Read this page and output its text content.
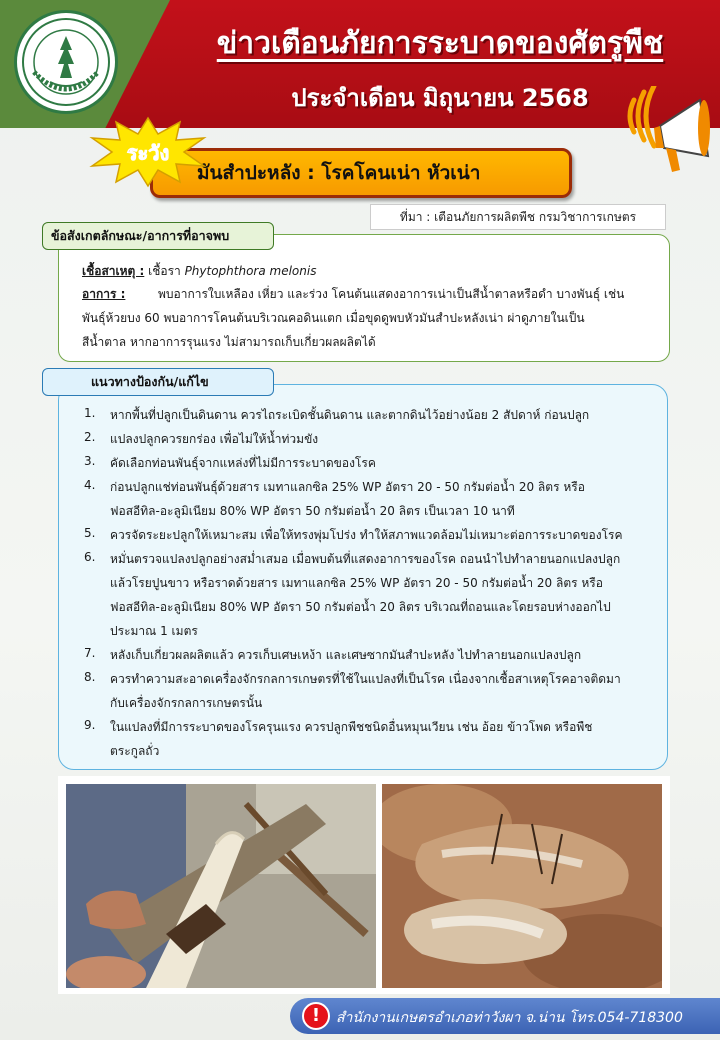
ข่าวเตือนภัยการระบาดของศัตรูพืช
ประจำเดือน มิถุนายน 2568
มันสำปะหลัง : โรคโคนเน่า หัวเน่า
ระวัง
ที่มา : เตือนภัยการผลิตพืช กรมวิชาการเกษตร
ข้อสังเกตลักษณะ/อาการที่อาจพบ
เชื้อสาเหตุ : เชื้อรา Phytophthora melonis
อาการ :	พบอาการใบเหลือง เหี่ยว และร่วง โคนต้นแสดงอาการเน่าเป็นสีน้ำตาลหรือดำ บางพันธุ์ เช่น
พันธุ์ห้วยบง 60 พบอาการโคนต้นบริเวณคอดินแตก เมื่อขุดดูพบหัวมันสำปะหลังเน่า ผ่าดูภายในเป็น
สีน้ำตาล หากอาการรุนแรง ไม่สามารถเก็บเกี่ยวผลผลิตได้
แนวทางป้องกัน/แก้ไข
1. หากพื้นที่ปลูกเป็นดินดาน ควรไถระเบิดชั้นดินดาน และตากดินไว้อย่างน้อย 2 สัปดาห์ ก่อนปลูก
2. แปลงปลูกควรยกร่อง เพื่อไม่ให้น้ำท่วมขัง
3. คัดเลือกท่อนพันธุ์จากแหล่งที่ไม่มีการระบาดของโรค
4. ก่อนปลูกแช่ท่อนพันธุ์ด้วยสาร เมทาแลกซิล 25% WP อัตรา 20 - 50 กรัมต่อน้ำ 20 ลิตร หรือ
ฟอสอีทิล-อะลูมิเนียม 80% WP อัตรา 50 กรัมต่อน้ำ 20 ลิตร เป็นเวลา 10 นาที
5. ควรจัดระยะปลูกให้เหมาะสม เพื่อให้ทรงพุ่มโปร่ง ทำให้สภาพแวดล้อมไม่เหมาะต่อการระบาดของโรค
6. หมั่นตรวจแปลงปลูกอย่างสม่ำเสมอ เมื่อพบต้นที่แสดงอาการของโรค ถอนนำไปทำลายนอกแปลงปลูก
แล้วโรยปูนขาว หรือราดด้วยสาร เมทาแลกซิล 25% WP อัตรา 20 - 50 กรัมต่อน้ำ 20 ลิตร หรือ
ฟอสอีทิล-อะลูมิเนียม 80% WP อัตรา 50 กรัมต่อน้ำ 20 ลิตร บริเวณที่ถอนและโดยรอบห่างออกไป
ประมาณ 1 เมตร
7. หลังเก็บเกี่ยวผลผลิตแล้ว ควรเก็บเศษเหง้า และเศษซากมันสำปะหลัง ไปทำลายนอกแปลงปลูก
8. ควรทำความสะอาดเครื่องจักรกลการเกษตรที่ใช้ในแปลงที่เป็นโรค เนื่องจากเชื้อสาเหตุโรคอาจติดมา
กับเครื่องจักรกลการเกษตรนั้น
9. ในแปลงที่มีการระบาดของโรครุนแรง ควรปลูกพืชชนิดอื่นหมุนเวียน เช่น อ้อย ข้าวโพด หรือพืช
ตระกูลถั่ว
!	สำนักงานเกษตรอำเภอท่าวังผา จ.น่าน โทร.054-718300
